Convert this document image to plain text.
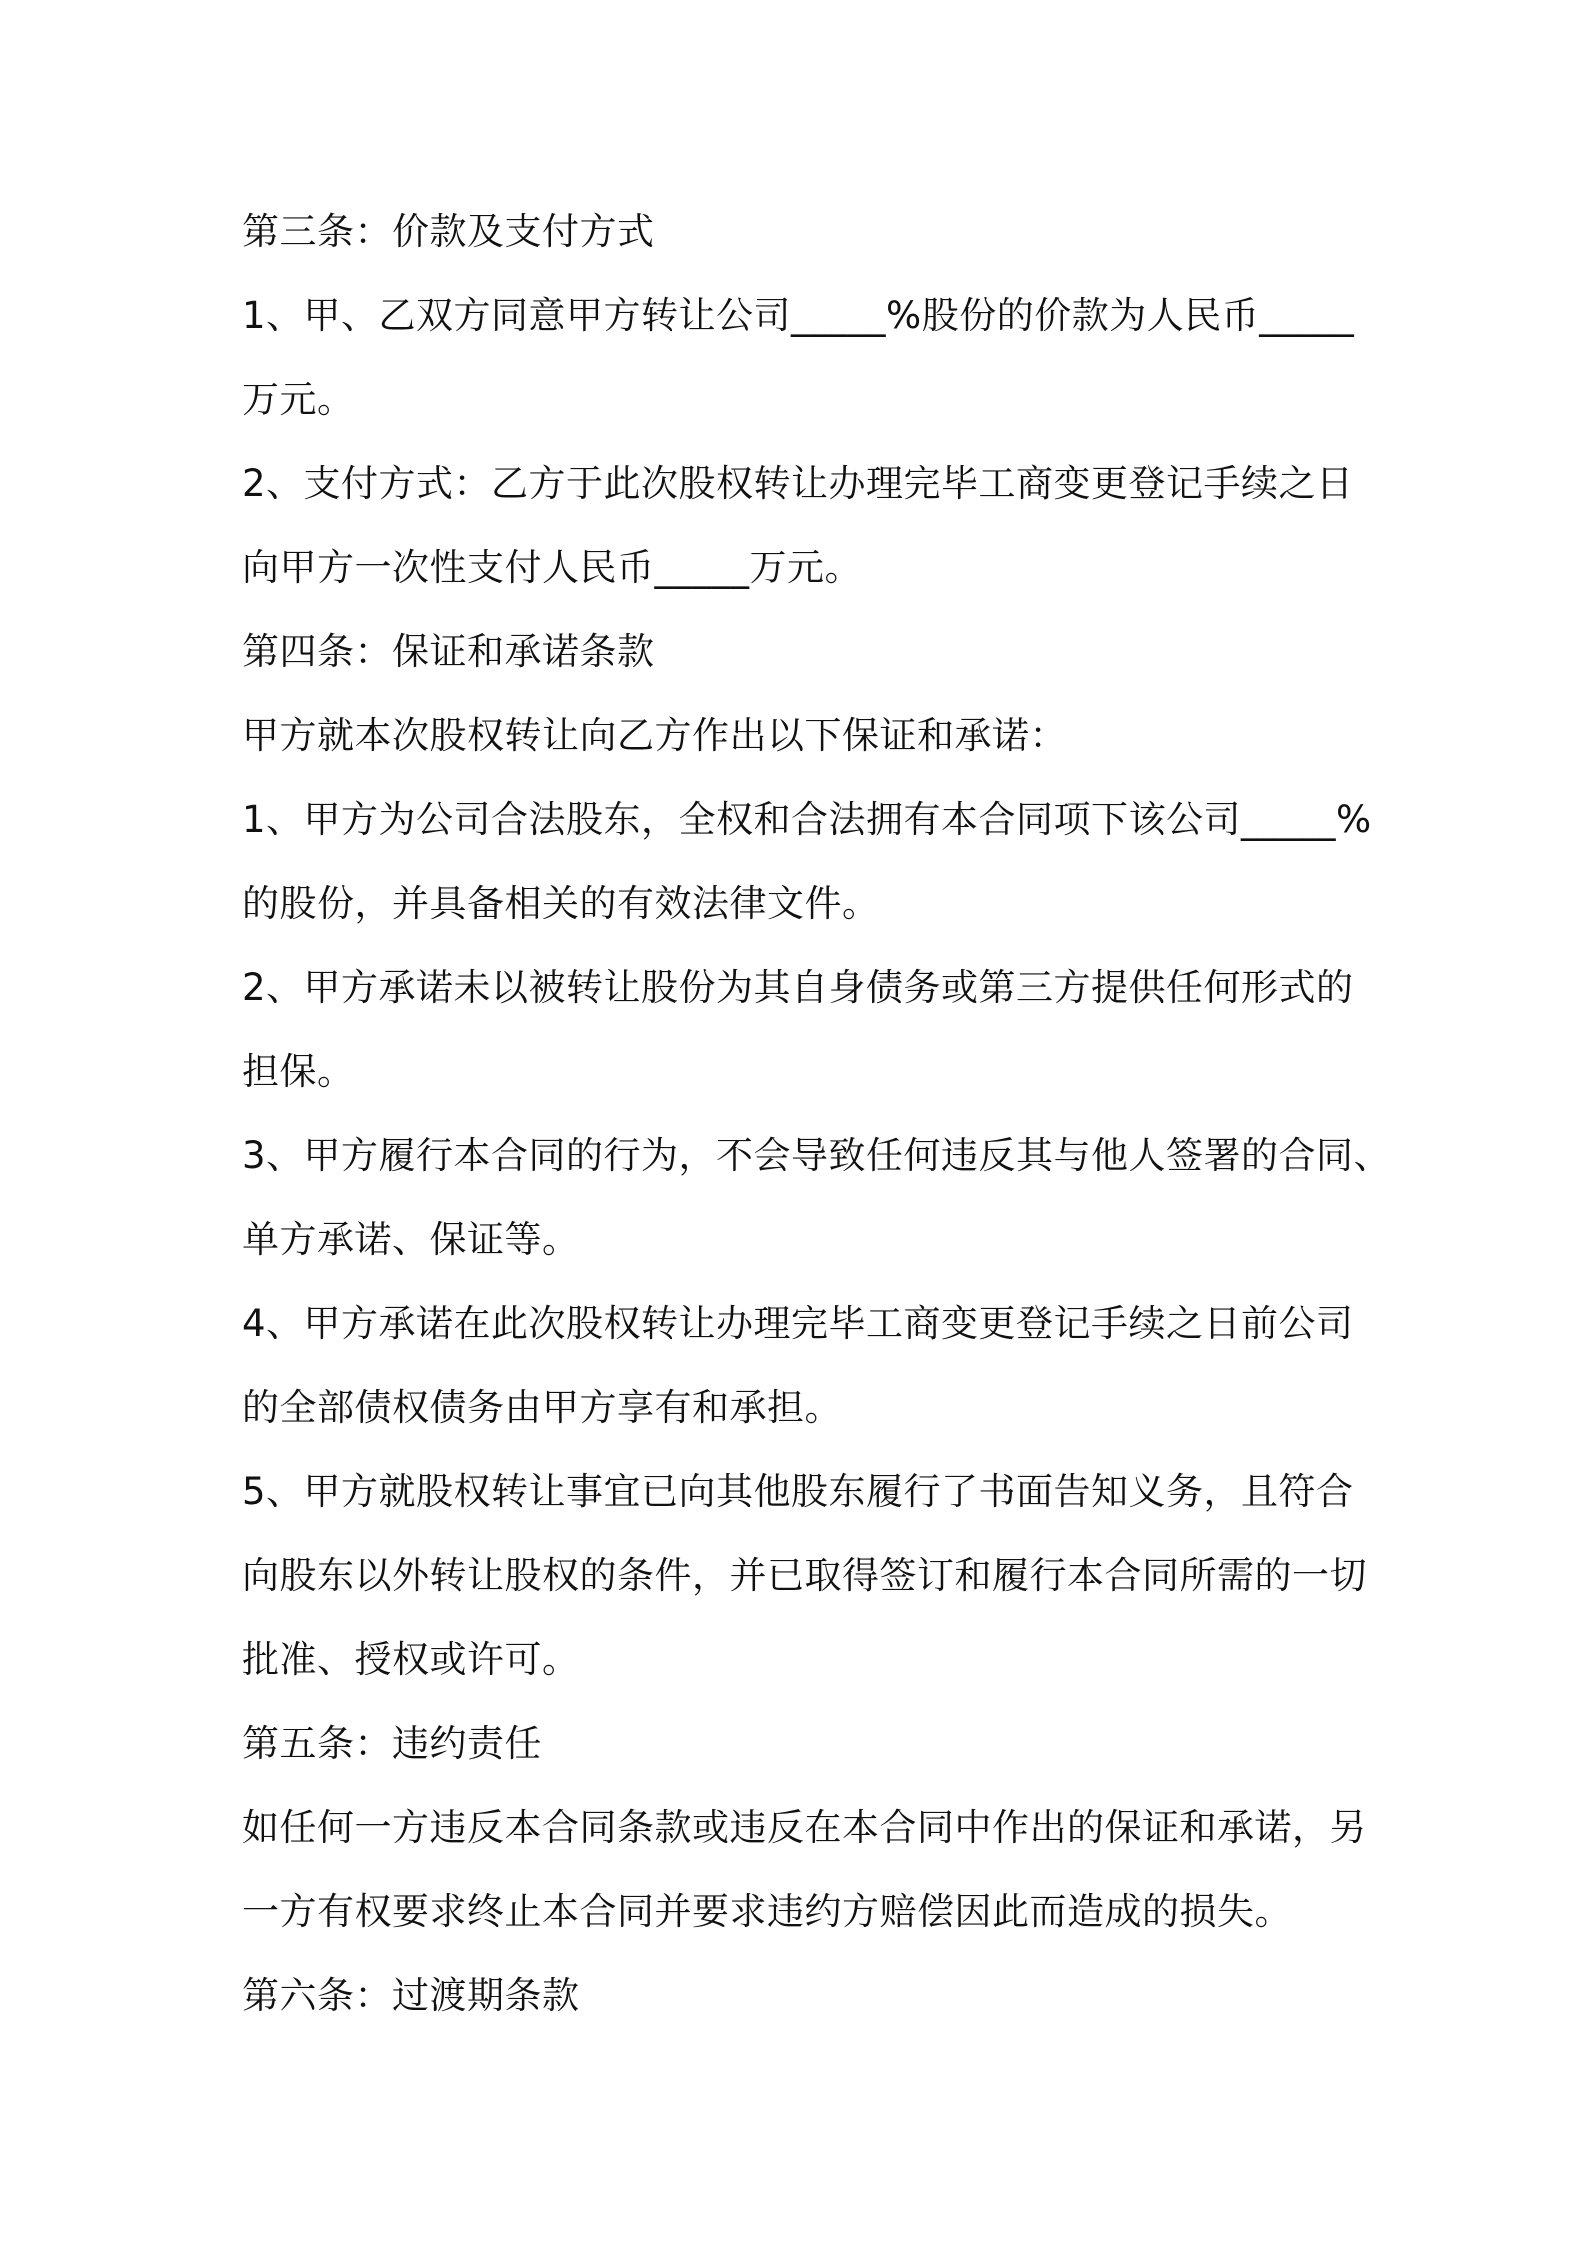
第三条：价款及支付方式
1、甲、乙双方同意甲方转让公司_____%股份的价款为人民币_____
万元。
2、支付方式：乙方于此次股权转让办理完毕工商变更登记手续之日
向甲方一次性支付人民币_____万元。
第四条：保证和承诺条款
甲方就本次股权转让向乙方作出以下保证和承诺：
1、甲方为公司合法股东，全权和合法拥有本合同项下该公司_____%
的股份，并具备相关的有效法律文件。
2、甲方承诺未以被转让股份为其自身债务或第三方提供任何形式的
担保。
3、甲方履行本合同的行为，不会导致任何违反其与他人签署的合同、
单方承诺、保证等。
4、甲方承诺在此次股权转让办理完毕工商变更登记手续之日前公司
的全部债权债务由甲方享有和承担。
5、甲方就股权转让事宜已向其他股东履行了书面告知义务，且符合
向股东以外转让股权的条件，并已取得签订和履行本合同所需的一切
批准、授权或许可。
第五条：违约责任
如任何一方违反本合同条款或违反在本合同中作出的保证和承诺，另
一方有权要求终止本合同并要求违约方赔偿因此而造成的损失。
第六条：过渡期条款
